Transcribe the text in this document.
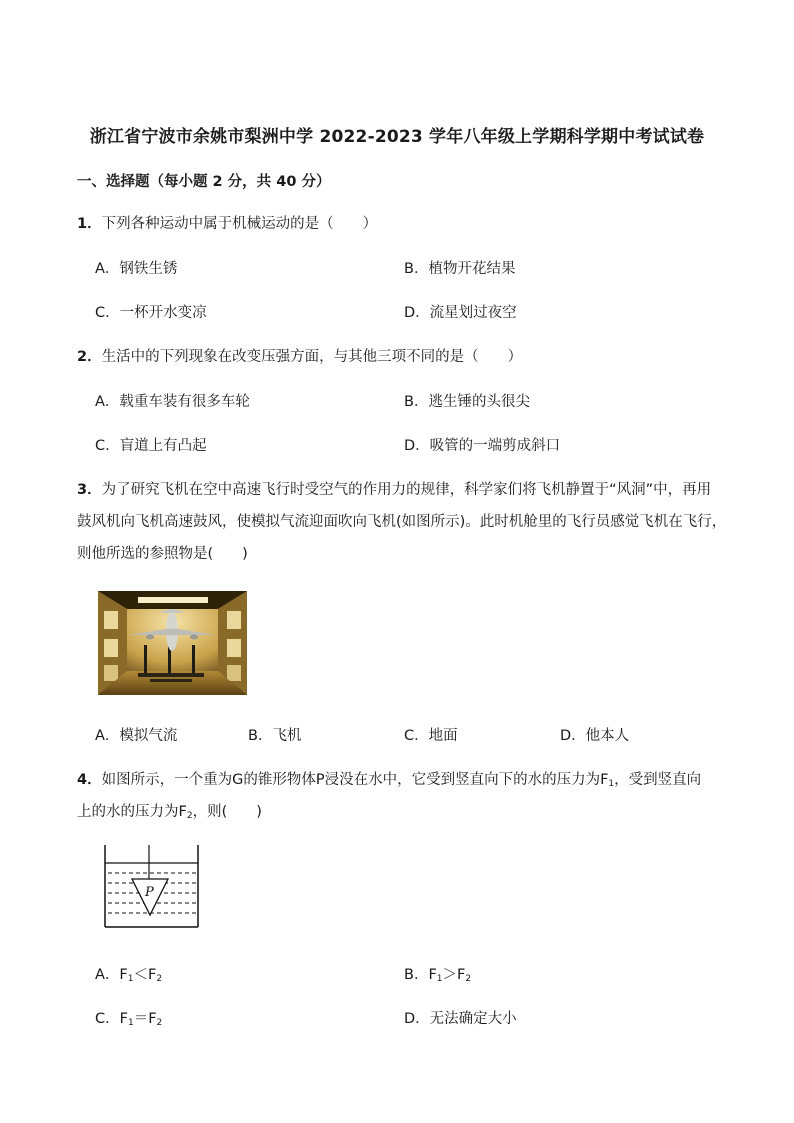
浙江省宁波市余姚市梨洲中学 2022-2023 学年八年级上学期科学期中考试试卷
一、选择题（每小题 2 分，共 40 分）
1．下列各种运动中属于机械运动的是（　　）
A．钢铁生锈	B．植物开花结果
C．一杯开水变凉	D．流星划过夜空
2．生活中的下列现象在改变压强方面，与其他三项不同的是（　　）
A．载重车装有很多车轮	B．逃生锤的头很尖
C．盲道上有凸起	D．吸管的一端剪成斜口
3．为了研究飞机在空中高速飞行时受空气的作用力的规律，科学家们将飞机静置于“风洞”中，再用
鼓风机向飞机高速鼓风，使模拟气流迎面吹向飞机(如图所示)。此时机舱里的飞行员感觉飞机在飞行，
则他所选的参照物是(　　)
A．模拟气流	B．飞机	C．地面	D．他本人
4．如图所示，一个重为G的锥形物体P浸没在水中，它受到竖直向下的水的压力为$F_1$，受到竖直向
上的水的压力为$F_2$，则(　　)
P
A．$F_1<F_2$	B．$F_1>F_2$
C．$F_1=F_2$	D．无法确定大小
